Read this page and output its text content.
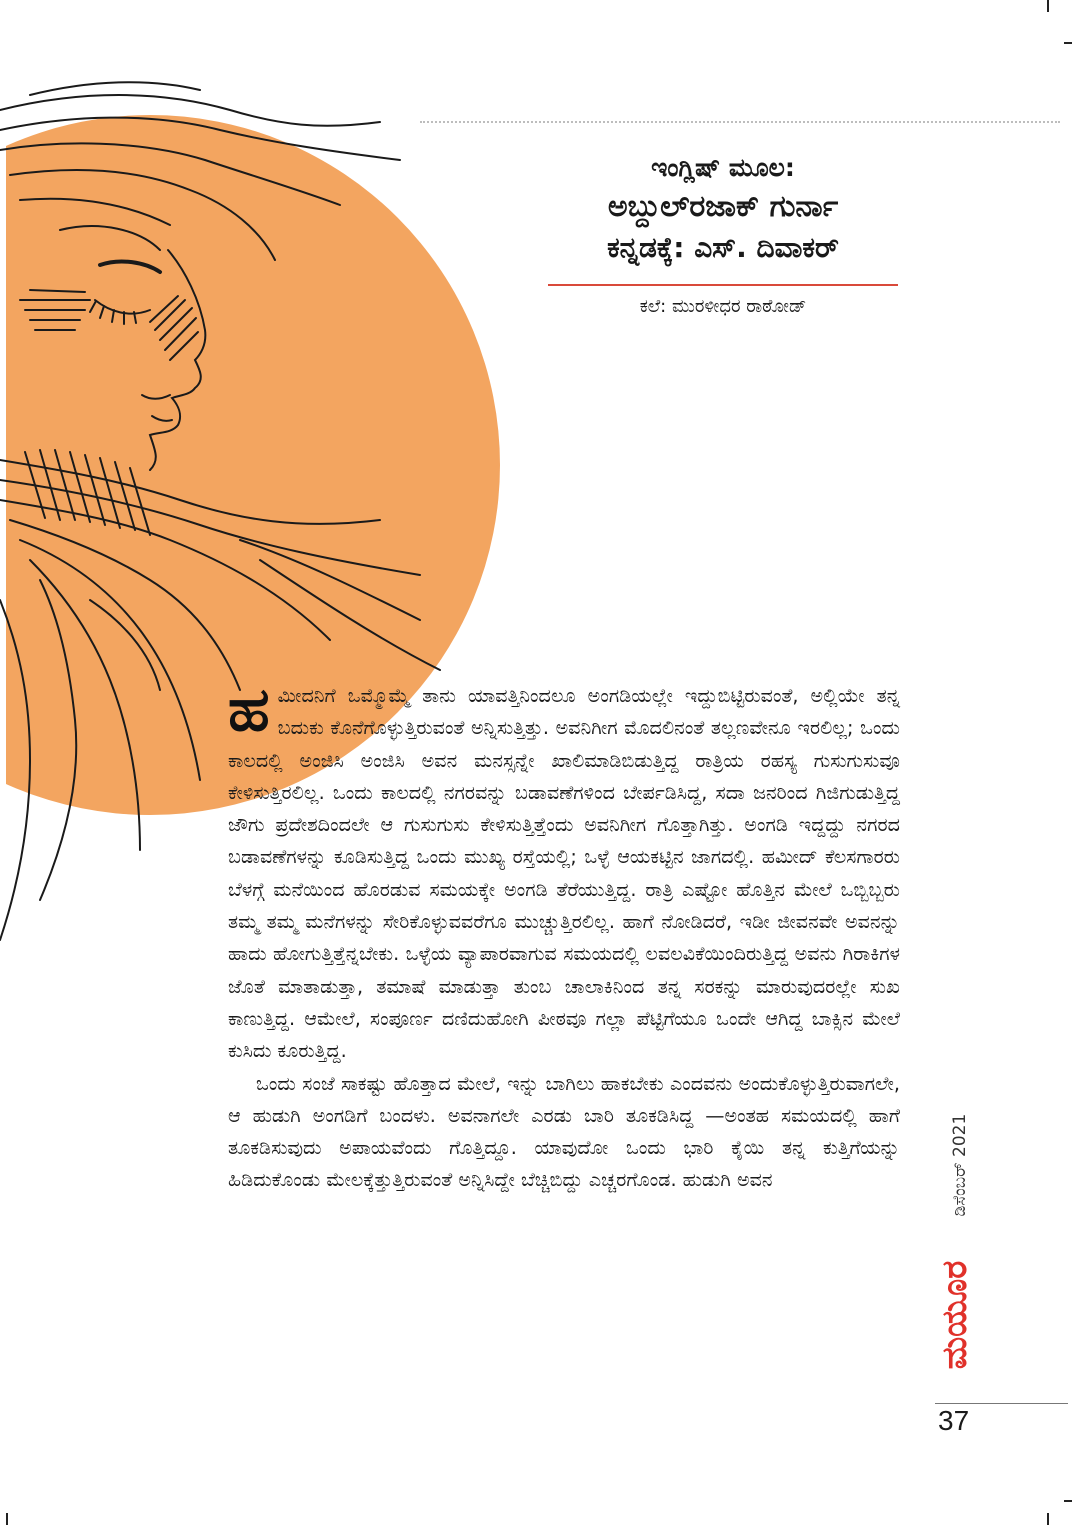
ಇಂಗ್ಲಿಷ್ ಮೂಲ:

ಅಬ್ದುಲ್‌ರಜಾಕ್ ಗುರ್ನಾ

ಕನ್ನಡಕ್ಕೆ: ಎಸ್. ದಿವಾಕರ್

ಕಲೆ: ಮುರಳೀಧರ ರಾಠೋಡ್

ಹಮೀದನಿಗೆ ಒಮ್ಮೊಮ್ಮೆ ತಾನು ಯಾವತ್ತಿನಿಂದಲೂ ಅಂಗಡಿಯಲ್ಲೇ ಇದ್ದುಬಿಟ್ಟಿರುವಂತೆ, ಅಲ್ಲಿಯೇ ತನ್ನ ಬದುಕು ಕೊನೆಗೊಳ್ಳುತ್ತಿರುವಂತೆ ಅನ್ನಿಸುತ್ತಿತ್ತು. ಅವನಿಗೀಗ ಮೊದಲಿನಂತೆ ತಲ್ಲಣವೇನೂ ಇರಲಿಲ್ಲ; ಒಂದು ಕಾಲದಲ್ಲಿ ಅಂಜಿಸಿ ಅಂಜಿಸಿ ಅವನ ಮನಸ್ಸನ್ನೇ ಖಾಲಿಮಾಡಿಬಿಡುತ್ತಿದ್ದ ರಾತ್ರಿಯ ರಹಸ್ಯ ಗುಸುಗುಸುವೂ ಕೇಳಿಸುತ್ತಿರಲಿಲ್ಲ. ಒಂದು ಕಾಲದಲ್ಲಿ ನಗರವನ್ನು ಬಡಾವಣೆಗಳಿಂದ ಬೇರ್ಪಡಿಸಿದ್ದ, ಸದಾ ಜನರಿಂದ ಗಿಜಿಗುಡುತ್ತಿದ್ದ ಜೌಗು ಪ್ರದೇಶದಿಂದಲೇ ಆ ಗುಸುಗುಸು ಕೇಳಿಸುತ್ತಿತ್ತೆಂದು ಅವನಿಗೀಗ ಗೊತ್ತಾಗಿತ್ತು. ಅಂಗಡಿ ಇದ್ದದ್ದು ನಗರದ ಬಡಾವಣೆಗಳನ್ನು ಕೂಡಿಸುತ್ತಿದ್ದ ಒಂದು ಮುಖ್ಯ ರಸ್ತೆಯಲ್ಲಿ; ಒಳ್ಳೆ ಆಯಕಟ್ಟಿನ ಜಾಗದಲ್ಲಿ. ಹಮೀದ್ ಕೆಲಸಗಾರರು ಬೆಳಗ್ಗೆ ಮನೆಯಿಂದ ಹೊರಡುವ ಸಮಯಕ್ಕೇ ಅಂಗಡಿ ತೆರೆಯುತ್ತಿದ್ದ. ರಾತ್ರಿ ಎಷ್ಟೋ ಹೊತ್ತಿನ ಮೇಲೆ ಒಬ್ಬಿಬ್ಬರು ತಮ್ಮ ತಮ್ಮ ಮನೆಗಳನ್ನು ಸೇರಿಕೊಳ್ಳುವವರೆಗೂ ಮುಚ್ಚುತ್ತಿರಲಿಲ್ಲ. ಹಾಗೆ ನೋಡಿದರೆ, ಇಡೀ ಜೀವನವೇ ಅವನನ್ನು ಹಾದು ಹೋಗುತ್ತಿತ್ತೆನ್ನಬೇಕು. ಒಳ್ಳೆಯ ವ್ಯಾಪಾರವಾಗುವ ಸಮಯದಲ್ಲಿ ಲವಲವಿಕೆಯಿಂದಿರುತ್ತಿದ್ದ ಅವನು ಗಿರಾಕಿಗಳ ಜೊತೆ ಮಾತಾಡುತ್ತಾ, ತಮಾಷೆ ಮಾಡುತ್ತಾ ತುಂಬ ಚಾಲಾಕಿನಿಂದ ತನ್ನ ಸರಕನ್ನು ಮಾರುವುದರಲ್ಲೇ ಸುಖ ಕಾಣುತ್ತಿದ್ದ. ಆಮೇಲೆ, ಸಂಪೂರ್ಣ ದಣಿದುಹೋಗಿ ಪೀಠವೂ ಗಲ್ಲಾ ಪೆಟ್ಟಿಗೆಯೂ ಒಂದೇ ಆಗಿದ್ದ ಬಾಕ್ಸಿನ ಮೇಲೆ ಕುಸಿದು ಕೂರುತ್ತಿದ್ದ.

ಒಂದು ಸಂಜೆ ಸಾಕಷ್ಟು ಹೊತ್ತಾದ ಮೇಲೆ, ಇನ್ನು ಬಾಗಿಲು ಹಾಕಬೇಕು ಎಂದವನು ಅಂದುಕೊಳ್ಳುತ್ತಿರುವಾಗಲೇ, ಆ ಹುಡುಗಿ ಅಂಗಡಿಗೆ ಬಂದಳು. ಅವನಾಗಲೇ ಎರಡು ಬಾರಿ ತೂಕಡಿಸಿದ್ದ —ಅಂತಹ ಸಮಯದಲ್ಲಿ ಹಾಗೆ ತೂಕಡಿಸುವುದು ಅಪಾಯವೆಂದು ಗೊತ್ತಿದ್ದೂ. ಯಾವುದೋ ಒಂದು ಭಾರಿ ಕೈಯಿ ತನ್ನ ಕುತ್ತಿಗೆಯನ್ನು ಹಿಡಿದುಕೊಂಡು ಮೇಲಕ್ಕೆತ್ತುತ್ತಿರುವಂತೆ ಅನ್ನಿಸಿದ್ದೇ ಬೆಚ್ಚಿಬಿದ್ದು ಎಚ್ಚರಗೊಂಡ. ಹುಡುಗಿ ಅವನ	ಡಿಸೆಂಬರ್ 2021
ಮಯೂರ
37
